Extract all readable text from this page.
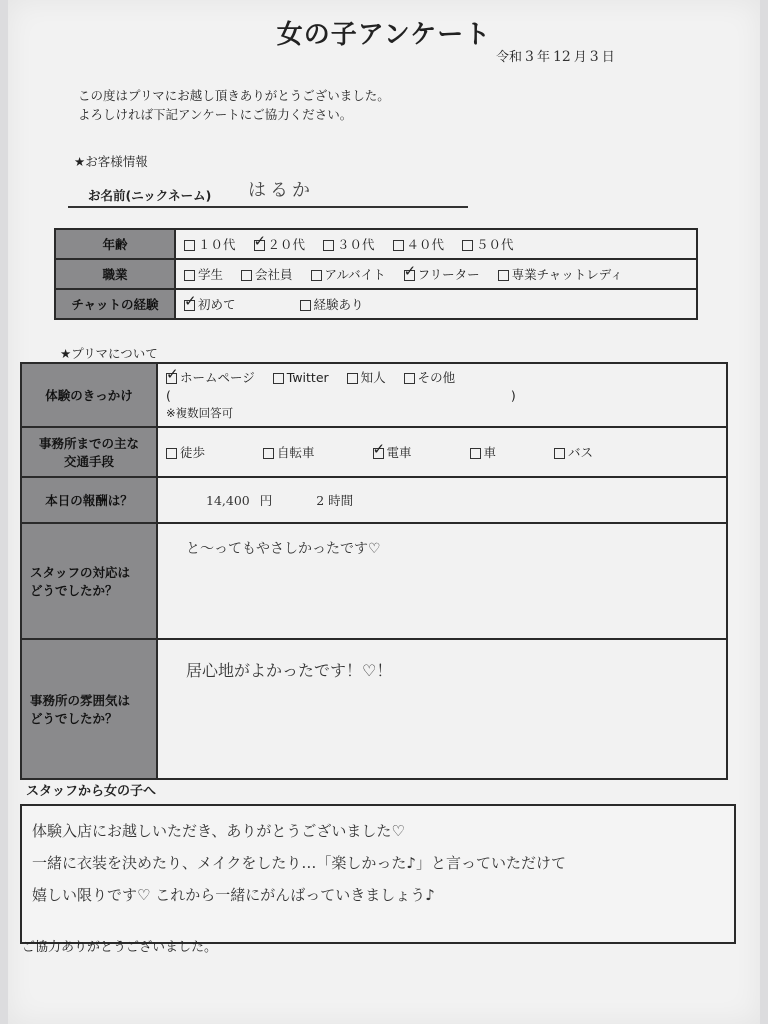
女の子アンケート
令和 3 年 12 月 3 日
この度はプリマにお越し頂きありがとうございました。
よろしければ下記アンケートにご協力ください。
★お客様情報
お名前(ニックネーム) はるか
年齢	１０代 ✓ ２０代 ３０代 ４０代 ５０代
職業	学生 会社員 アルバイト ✓ フリーター 専業チャットレディ
チャットの経験	✓初めて 経験あり
★プリマについて
体験のきっかけ	
✓ホームページ Twitter 知人 その他
( )
※複数回答可

事務所までの主な
交通手段	徒歩 自転車 ✓ 電車 車 バス
本日の報酬は？	14,400 円 2 時間

スタッフの対応は
どうでしたか？	と〜ってもやさしかったです♡

事務所の雰囲気は
どうでしたか？	居心地がよかったです！♡！
スタッフから女の子へ
体験入店にお越しいただき、ありがとうございました♡
一緒に衣装を決めたり、メイクをしたり…「楽しかった♪」と言っていただけて
嬉しい限りです♡ これから一緒にがんばっていきましょう♪
ご協力ありがとうございました。
